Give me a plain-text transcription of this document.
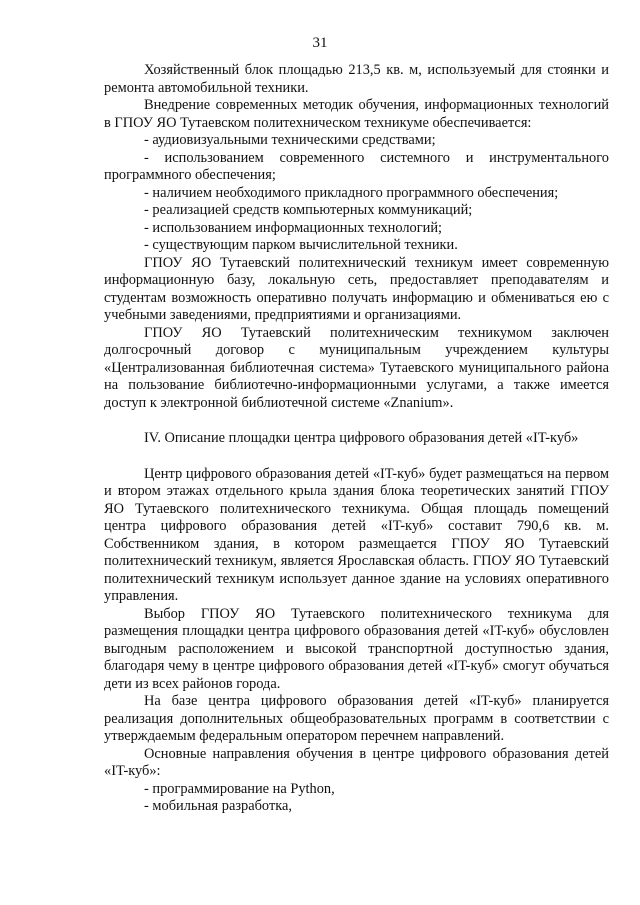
31

Хозяйственный блок площадью 213,5 кв. м, используемый для стоянки и ремонта автомобильной техники.

Внедрение современных методик обучения, информационных технологий в ГПОУ ЯО Тутаевском политехническом техникуме обеспечивается:

- аудиовизуальными техническими средствами;

- использованием современного системного и инструментального программного обеспечения;

- наличием необходимого прикладного программного обеспечения;

- реализацией средств компьютерных коммуникаций;

- использованием информационных технологий;

- существующим парком вычислительной техники.

ГПОУ ЯО Тутаевский политехнический техникум имеет современную информационную базу, локальную сеть, предоставляет преподавателям и студентам возможность оперативно получать информацию и обмениваться ею с учебными заведениями, предприятиями и организациями.

ГПОУ ЯО Тутаевский политехническим техникумом заключен долгосрочный договор с муниципальным учреждением культуры «Централизованная библиотечная система» Тутаевского муниципального района на пользование библиотечно-информационными услугами, а также имеется доступ к электронной библиотечной системе «Znanium».

IV. Описание площадки центра цифрового образования детей «IT-куб»

Центр цифрового образования детей «IT-куб» будет размещаться на первом и втором этажах отдельного крыла здания блока теоретических занятий ГПОУ ЯО Тутаевского политехнического техникума. Общая площадь помещений центра цифрового образования детей «IT-куб» составит 790,6 кв. м. Собственником здания, в котором размещается ГПОУ ЯО Тутаевский политехнический техникум, является Ярославская область. ГПОУ ЯО Тутаевский политехнический техникум использует данное здание на условиях оперативного управления.

Выбор ГПОУ ЯО Тутаевского политехнического техникума для размещения площадки центра цифрового образования детей «IT-куб» обусловлен выгодным расположением и высокой транспортной доступностью здания, благодаря чему в центре цифрового образования детей «IT-куб» смогут обучаться дети из всех районов города.

На базе центра цифрового образования детей «IT-куб» планируется реализация дополнительных общеобразовательных программ в соответствии с утверждаемым федеральным оператором перечнем направлений.

Основные направления обучения в центре цифрового образования детей «IT-куб»:

- программирование на Python,

- мобильная разработка,
